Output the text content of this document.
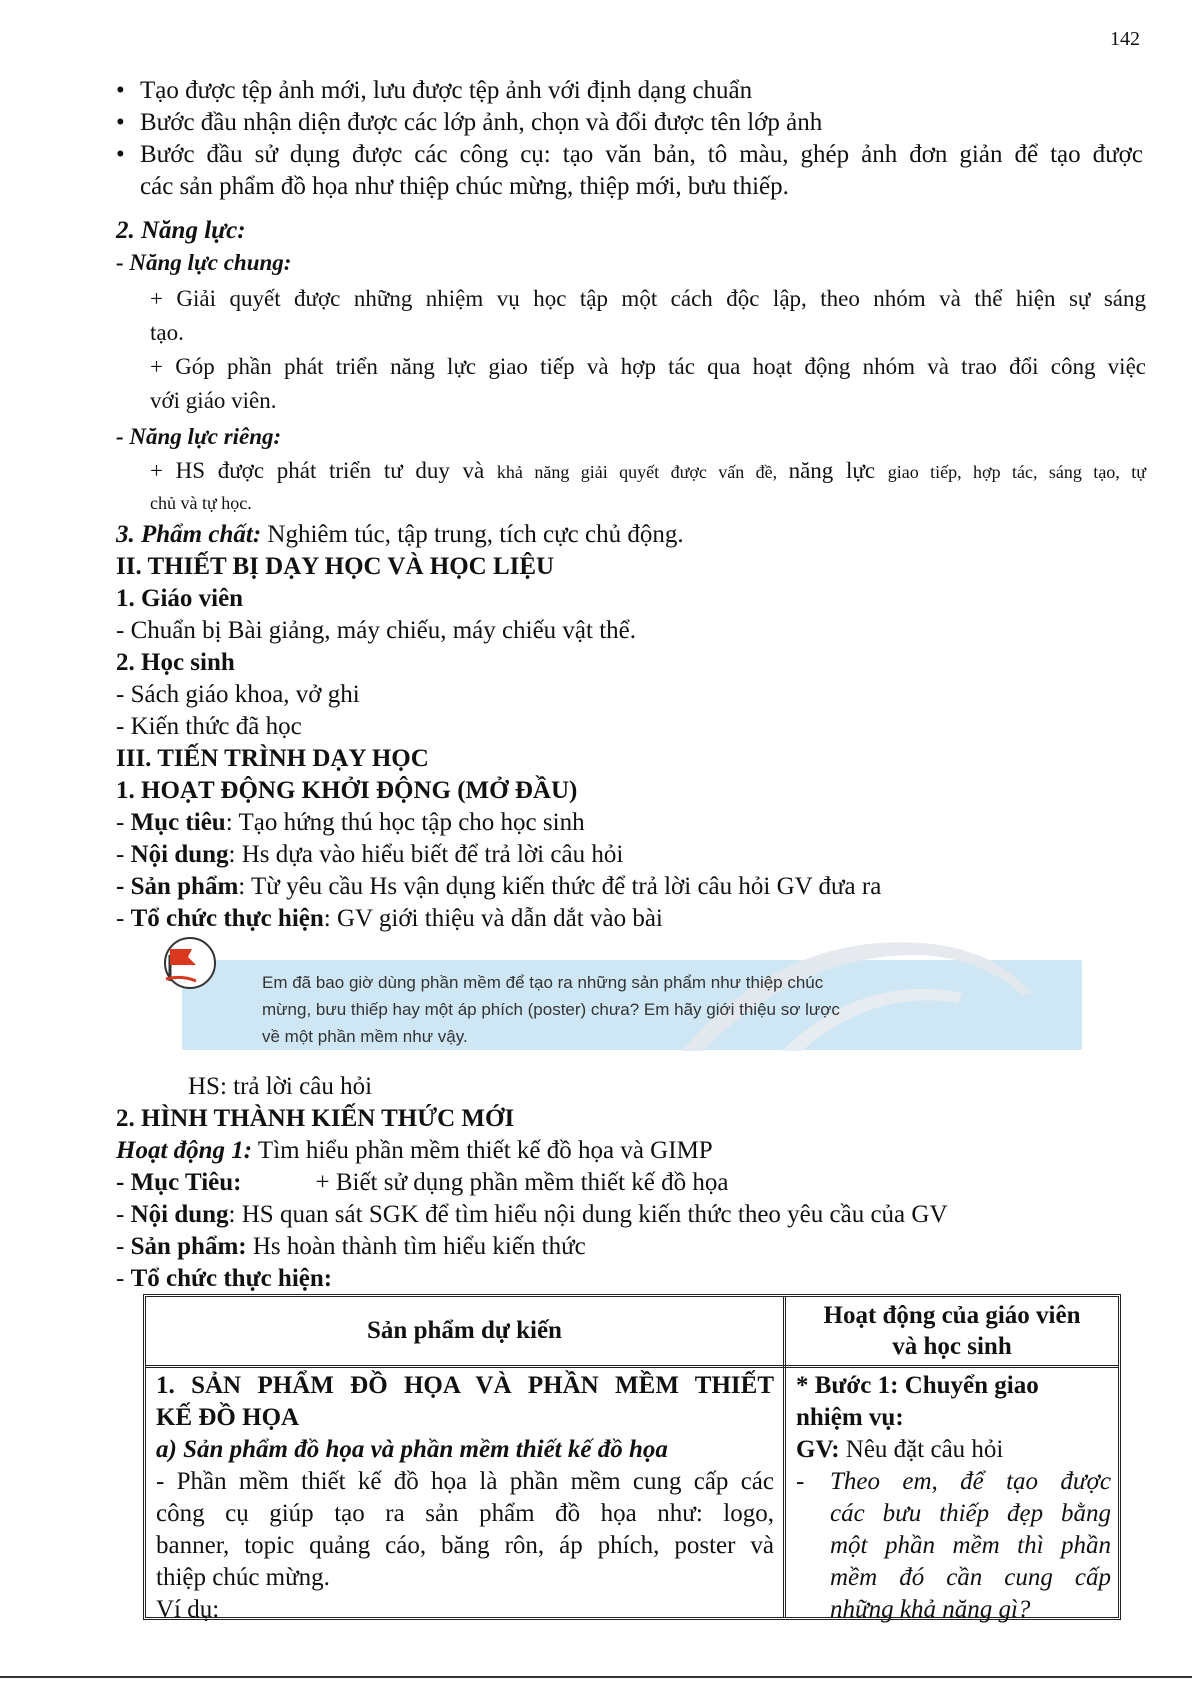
142
• Tạo được tệp ảnh mới, lưu được tệp ảnh với định dạng chuẩn
• Bước đầu nhận diện được các lớp ảnh, chọn và đổi được tên lớp ảnh
• Bước đầu sử dụng được các công cụ: tạo văn bản, tô màu, ghép ảnh đơn giản để tạo được
các sản phẩm đồ họa như thiệp chúc mừng, thiệp mới, bưu thiếp.
2. Năng lực:
- Năng lực chung:
+ Giải quyết được những nhiệm vụ học tập một cách độc lập, theo nhóm và thể hiện sự sáng
tạo.
+ Góp phần phát triển năng lực giao tiếp và hợp tác qua hoạt động nhóm và trao đổi công việc
với giáo viên.
- Năng lực riêng:
+ HS được phát triển tư duy và khả năng giải quyết được vấn đề, năng lực giao tiếp, hợp tác, sáng tạo, tự
chủ và tự học.
3. Phẩm chất: Nghiêm túc, tập trung, tích cực chủ động.
II. THIẾT BỊ DẠY HỌC VÀ HỌC LIỆU
1. Giáo viên
- Chuẩn bị Bài giảng, máy chiếu, máy chiếu vật thể.
2. Học sinh
- Sách giáo khoa, vở ghi
- Kiến thức đã học
III. TIẾN TRÌNH DẠY HỌC
1. HOẠT ĐỘNG KHỞI ĐỘNG (MỞ ĐẦU)
- Mục tiêu: Tạo hứng thú học tập cho học sinh
- Nội dung: Hs dựa vào hiểu biết để trả lời câu hỏi
- Sản phẩm: Từ yêu cầu Hs vận dụng kiến thức để trả lời câu hỏi GV đưa ra
- Tổ chức thực hiện: GV giới thiệu và dẫn dắt vào bài
Em đã bao giờ dùng phần mềm để tạo ra những sản phẩm như thiệp chúc
mừng, bưu thiếp hay một áp phích (poster) chưa? Em hãy giới thiệu sơ lược
về một phần mềm như vậy.
HS: trả lời câu hỏi
2. HÌNH THÀNH KIẾN THỨC MỚI
Hoạt động 1: Tìm hiểu phần mềm thiết kế đồ họa và GIMP
- Mục Tiêu:	+ Biết sử dụng phần mềm thiết kế đồ họa
- Nội dung: HS quan sát SGK để tìm hiểu nội dung kiến thức theo yêu cầu của GV
- Sản phẩm: Hs hoàn thành tìm hiểu kiến thức
- Tổ chức thực hiện:
Sản phẩm dự kiến
Hoạt động của giáo viên
và học sinh
1. SẢN PHẨM ĐỒ HỌA VÀ PHẦN MỀM THIẾT
KẾ ĐỒ HỌA
a) Sản phẩm đồ họa và phần mềm thiết kế đồ họa
- Phần mềm thiết kế đồ họa là phần mềm cung cấp các
công cụ giúp tạo ra sản phẩm đồ họa như: logo,
banner, topic quảng cáo, băng rôn, áp phích, poster và
thiệp chúc mừng.
Ví dụ:
* Bước 1: Chuyển giao
nhiệm vụ:
GV: Nêu đặt câu hỏi
-	Theo em, để tạo được
các bưu thiếp đẹp bằng
một phần mềm thì phần
mềm đó cần cung cấp
những khả năng gì?
